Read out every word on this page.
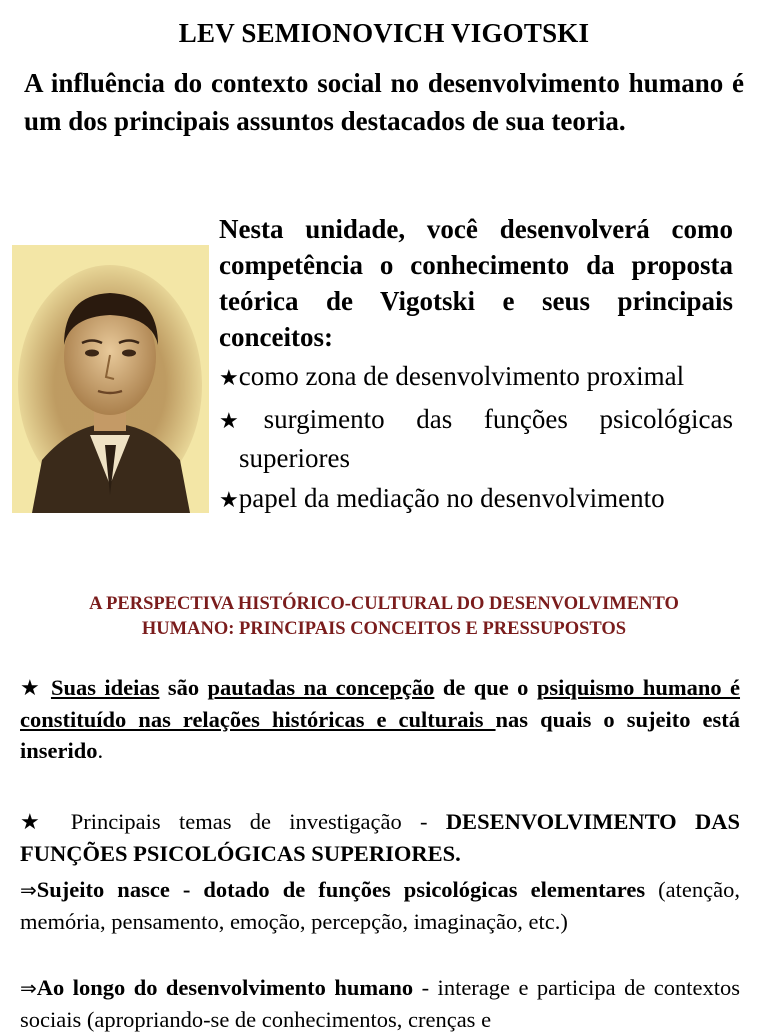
LEV SEMIONOVICH VIGOTSKI
A influência do contexto social no desenvolvimento humano é um dos principais assuntos destacados de sua teoria.
Nesta unidade, você desenvolverá como competência o conhecimento da proposta teórica de Vigotski e seus principais conceitos:
★como zona de desenvolvimento proximal
★surgimento das funções psicológicas superiores
★papel da mediação no desenvolvimento
A PERSPECTIVA HISTÓRICO-CULTURAL DO DESENVOLVIMENTO
HUMANO: PRINCIPAIS CONCEITOS E PRESSUPOSTOS
★ Suas ideias são pautadas na concepção de que o psiquismo humano é constituído nas relações históricas e culturais nas quais o sujeito está inserido.
★ Principais temas de investigação - DESENVOLVIMENTO DAS FUNÇÕES PSICOLÓGICAS SUPERIORES.
⇒Sujeito nasce - dotado de funções psicológicas elementares (atenção, memória, pensamento, emoção, percepção, imaginação, etc.)
⇒Ao longo do desenvolvimento humano - interage e participa de contextos sociais (apropriando-se de conhecimentos, crenças e
